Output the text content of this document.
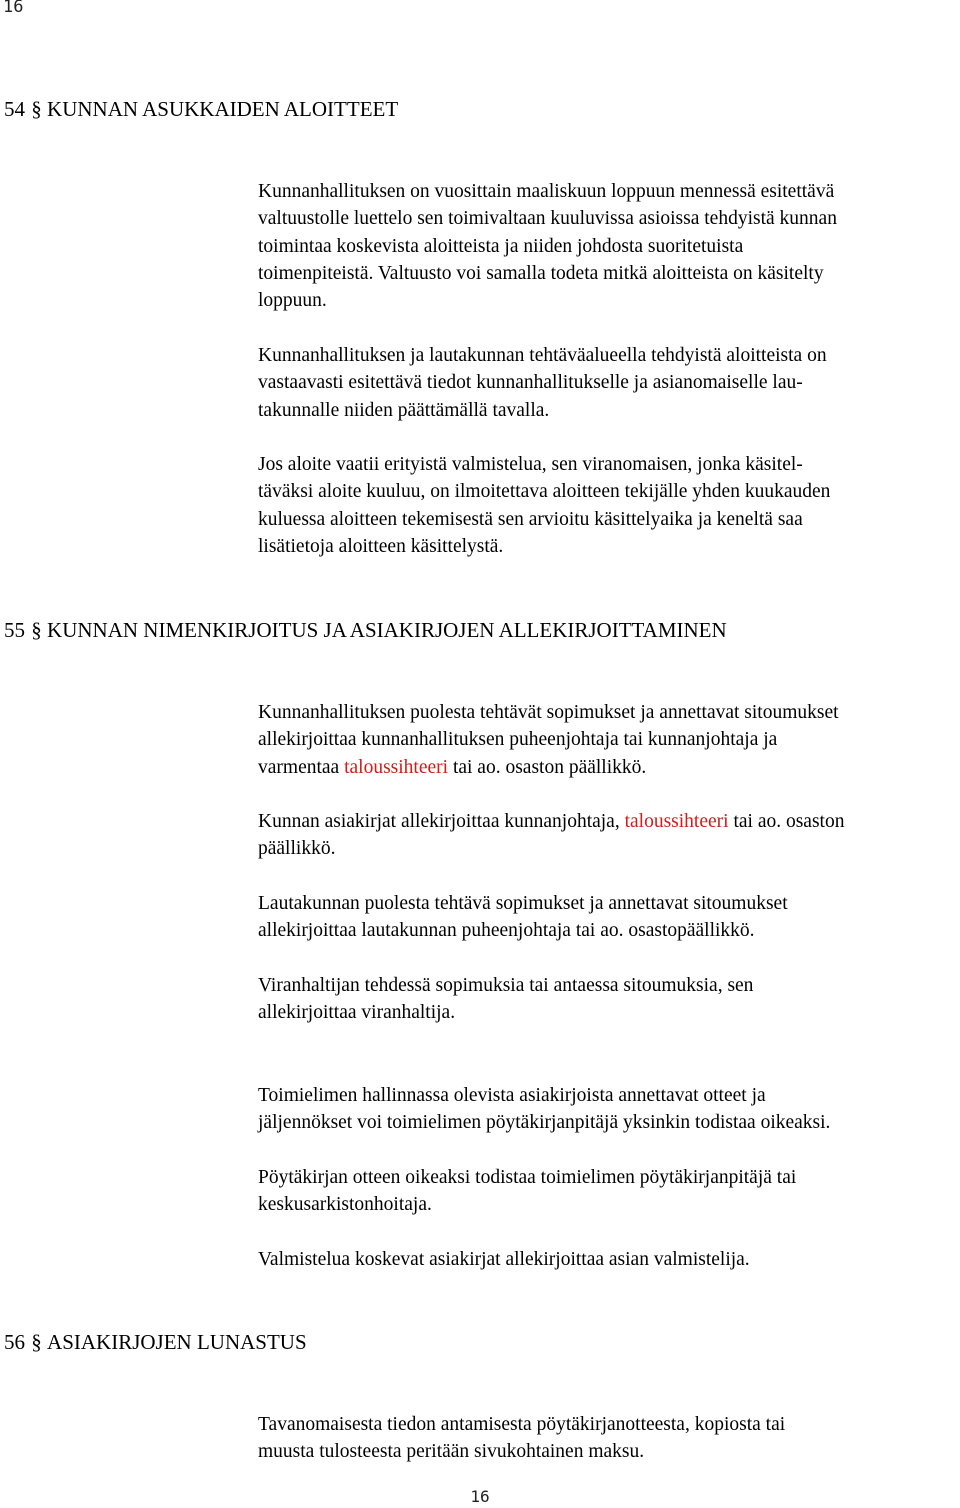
16
54 § KUNNAN ASUKKAIDEN ALOITTEET

Kunnanhallituksen on vuosittain maaliskuun loppuun mennessä esitettävä
valtuustolle luettelo sen toimivaltaan kuuluvissa asioissa tehdyistä kunnan
toimintaa koskevista aloitteista ja niiden johdosta suoritetuista
toimenpiteistä. Valtuusto voi samalla todeta mitkä aloitteista on käsitelty
loppuun.

Kunnanhallituksen ja lautakunnan tehtäväalueella tehdyistä aloitteista on
vastaavasti esitettävä tiedot kunnanhallitukselle ja asianomaiselle lau-
takunnalle niiden päättämällä tavalla.

Jos aloite vaatii erityistä valmistelua, sen viranomaisen, jonka käsitel-
täväksi aloite kuuluu, on ilmoitettava aloitteen tekijälle yhden kuukauden
kuluessa aloitteen tekemisestä sen arvioitu käsittelyaika ja keneltä saa
lisätietoja aloitteen käsittelystä.

55 § KUNNAN NIMENKIRJOITUS JA ASIAKIRJOJEN ALLEKIRJOITTAMINEN

Kunnanhallituksen puolesta tehtävät sopimukset ja annettavat sitoumukset
allekirjoittaa kunnanhallituksen puheenjohtaja tai kunnanjohtaja ja
varmentaa taloussihteeri tai ao. osaston päällikkö.

Kunnan asiakirjat allekirjoittaa kunnanjohtaja, taloussihteeri tai ao. osaston
päällikkö.

Lautakunnan puolesta tehtävä sopimukset ja annettavat sitoumukset
allekirjoittaa lautakunnan puheenjohtaja tai ao. osastopäällikkö.

Viranhaltijan tehdessä sopimuksia tai antaessa sitoumuksia, sen
allekirjoittaa viranhaltija.

Toimielimen hallinnassa olevista asiakirjoista annettavat otteet ja
jäljennökset voi toimielimen pöytäkirjanpitäjä yksinkin todistaa oikeaksi.

Pöytäkirjan otteen oikeaksi todistaa toimielimen pöytäkirjanpitäjä tai
keskusarkistonhoitaja.

Valmistelua koskevat asiakirjat allekirjoittaa asian valmistelija.

56 § ASIAKIRJOJEN LUNASTUS

Tavanomaisesta tiedon antamisesta pöytäkirjanotteesta, kopiosta tai
muusta tulosteesta peritään sivukohtainen maksu.

16
